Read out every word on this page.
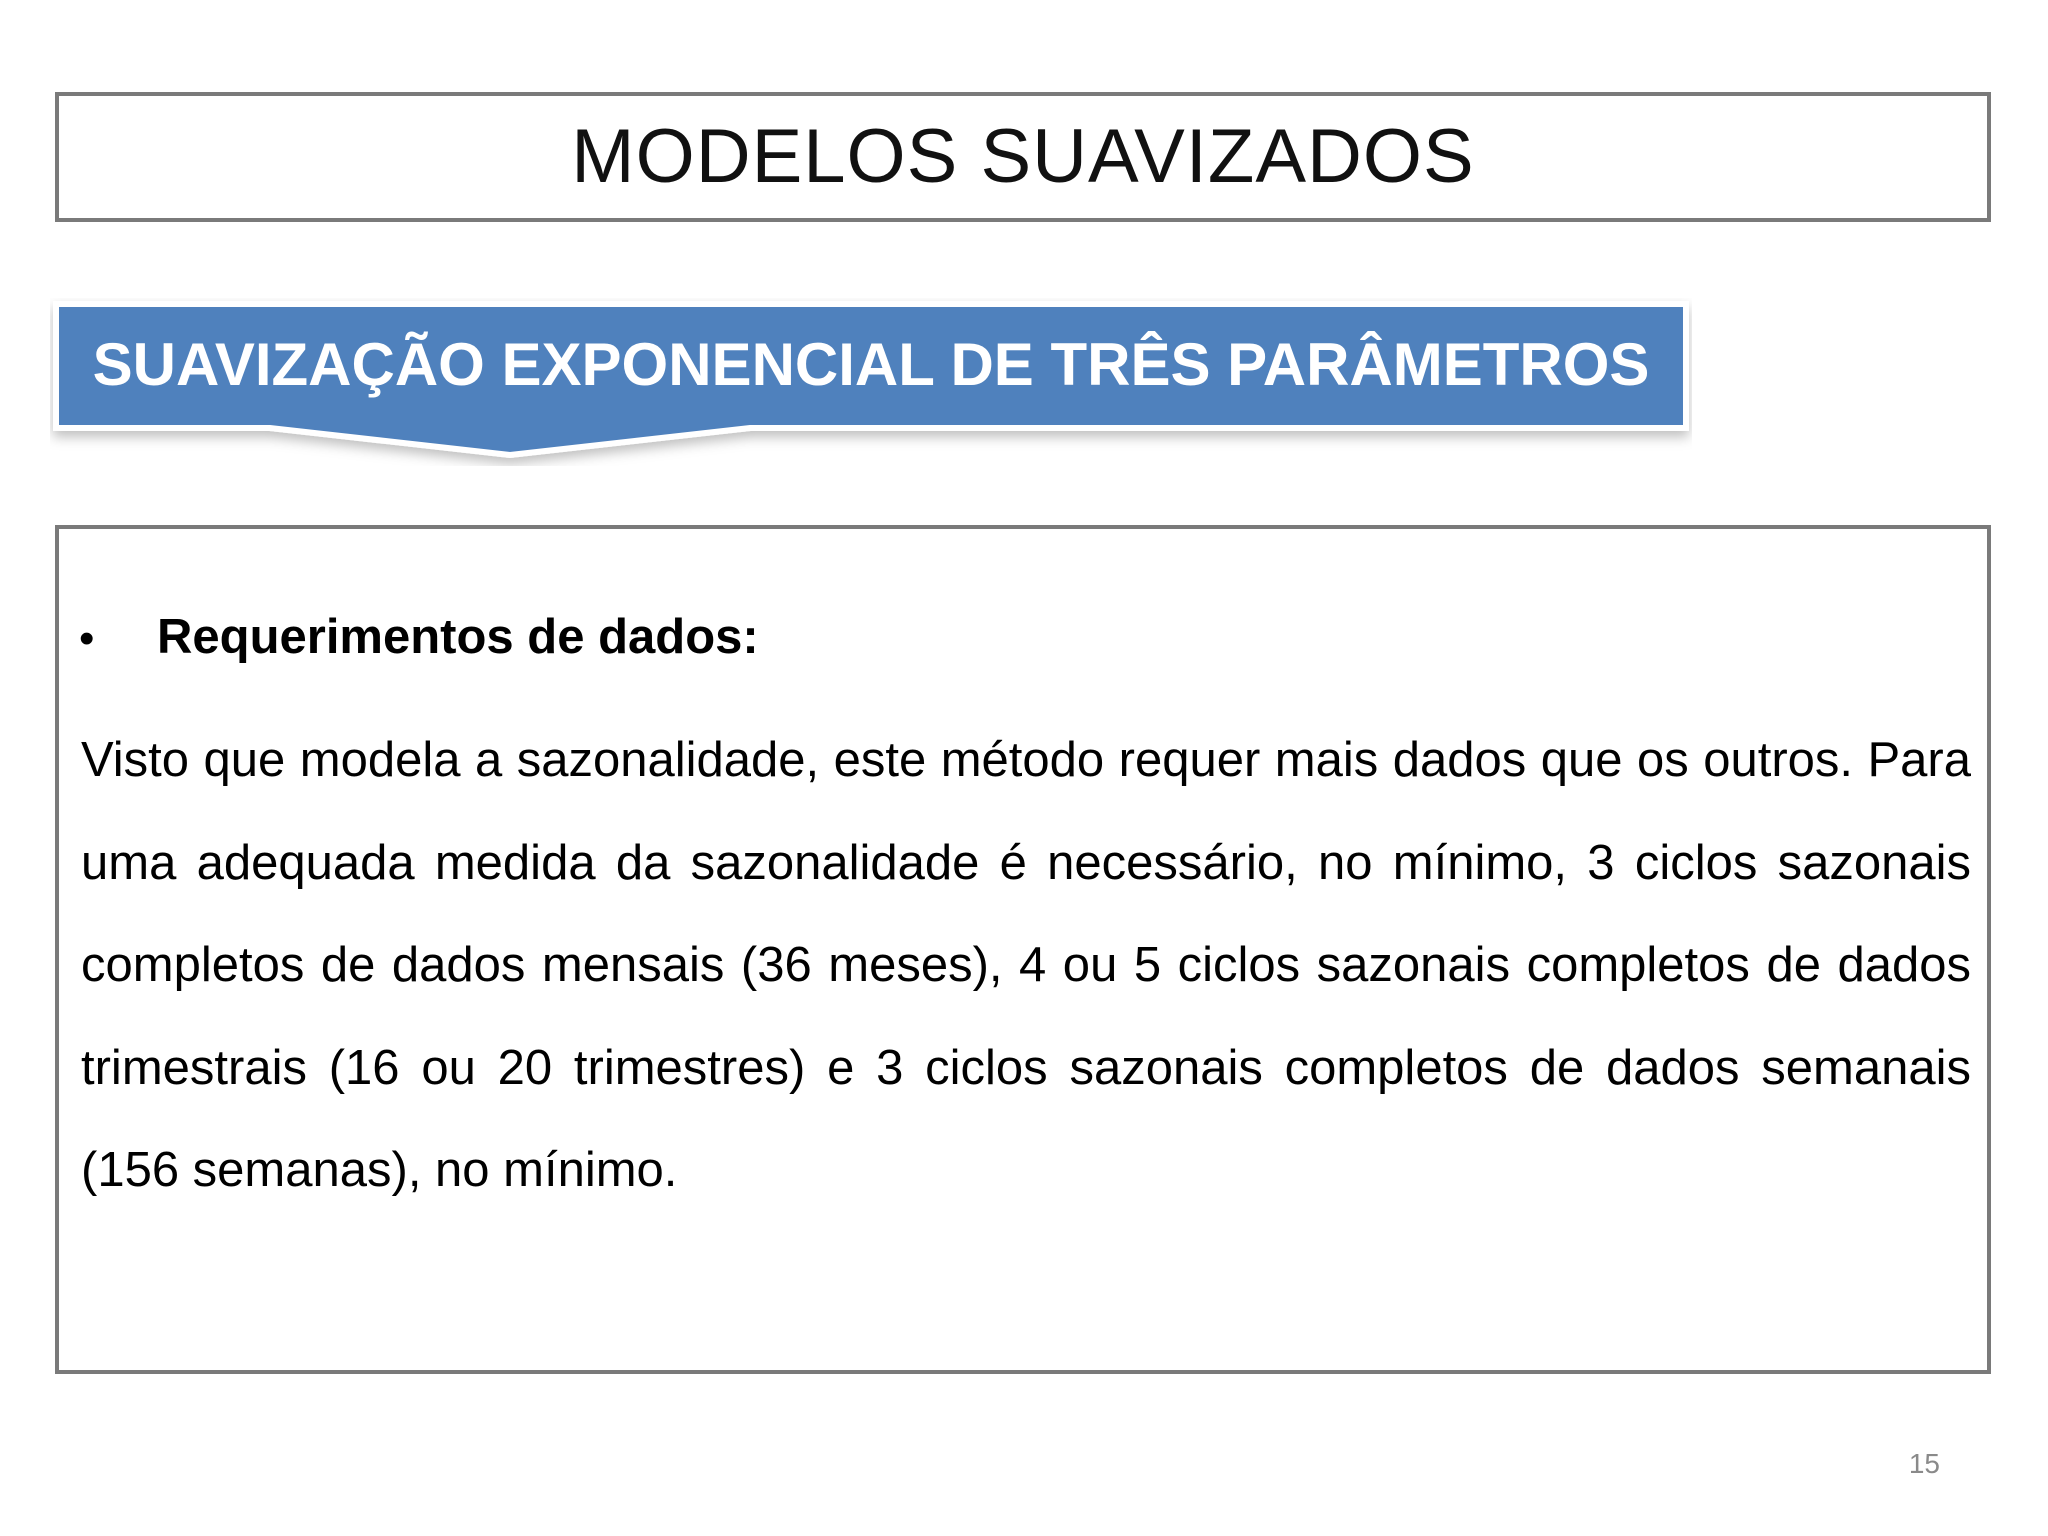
MODELOS SUAVIZADOS
SUAVIZAÇÃO EXPONENCIAL DE TRÊS PARÂMETROS
•	Requerimentos de dados:

Visto que modela a sazonalidade, este método requer mais dados que os outros. Para uma adequada medida da sazonalidade é necessário, no mínimo, 3 ciclos sazonais completos de dados mensais (36 meses), 4 ou 5 ciclos sazonais completos de dados trimestrais (16 ou 20 trimestres) e 3 ciclos sazonais completos de dados semanais (156 semanas), no mínimo.

15
